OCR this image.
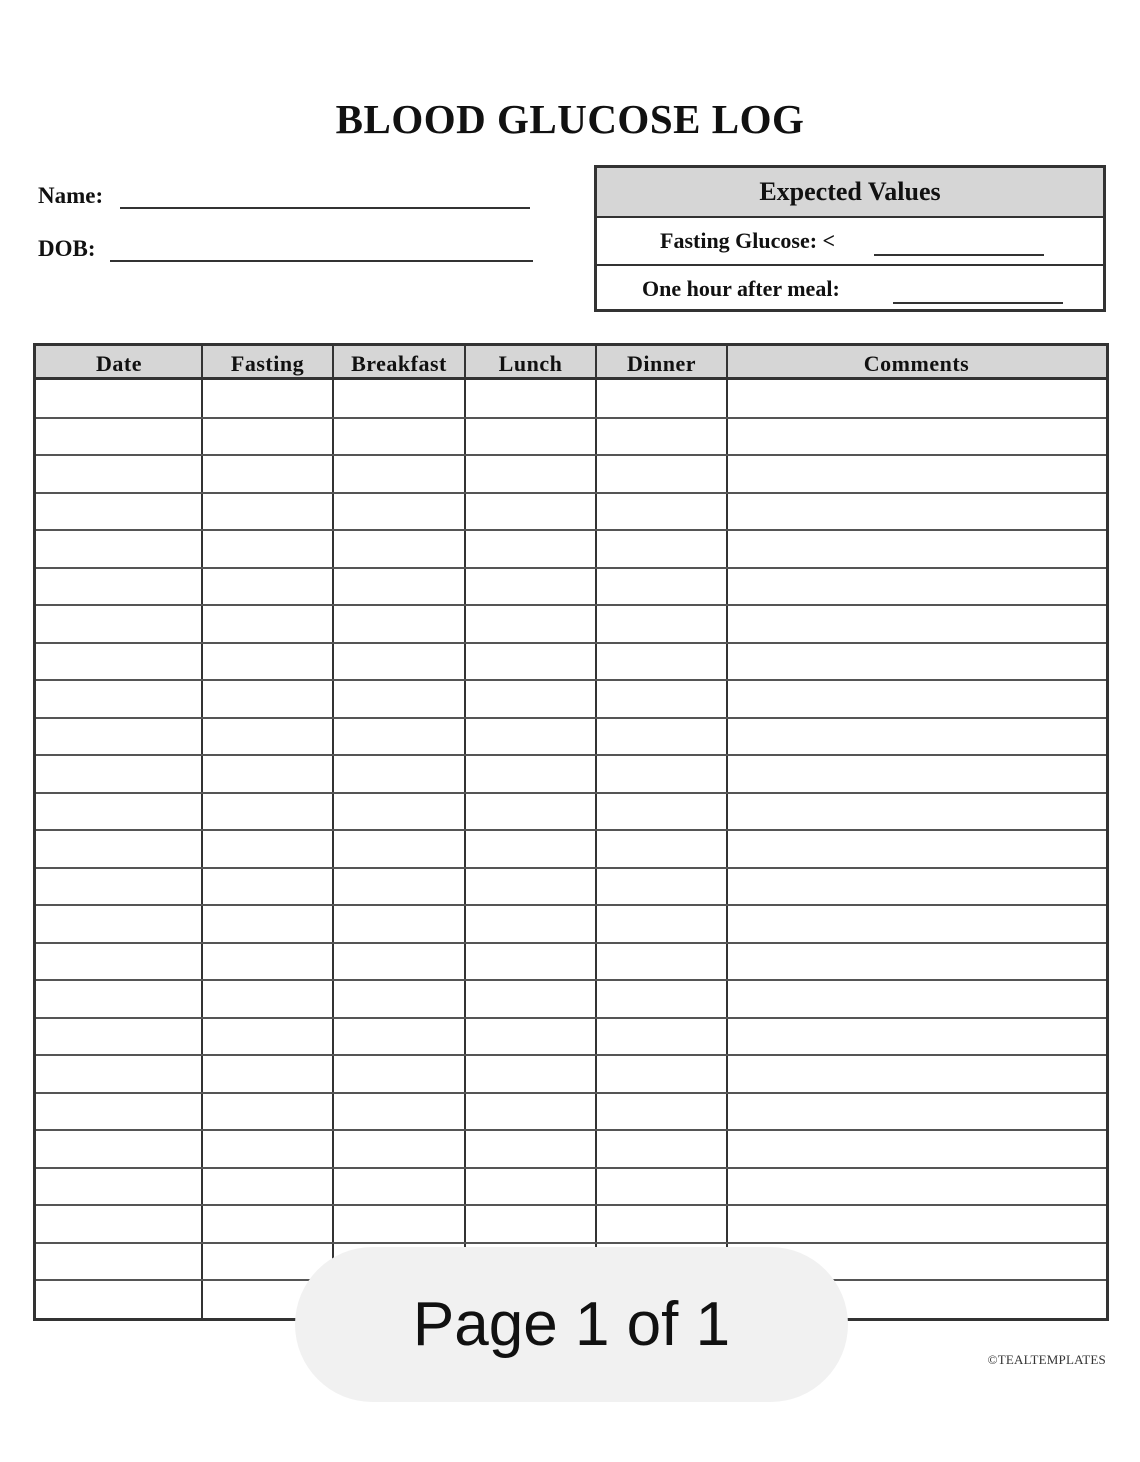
BLOOD GLUCOSE LOG
Name:
DOB:
Expected Values
Fasting Glucose: <
One hour after meal:
Date	Fasting	Breakfast	Lunch	Dinner	Comments
Page 1 of 1
©TEALTEMPLATES
